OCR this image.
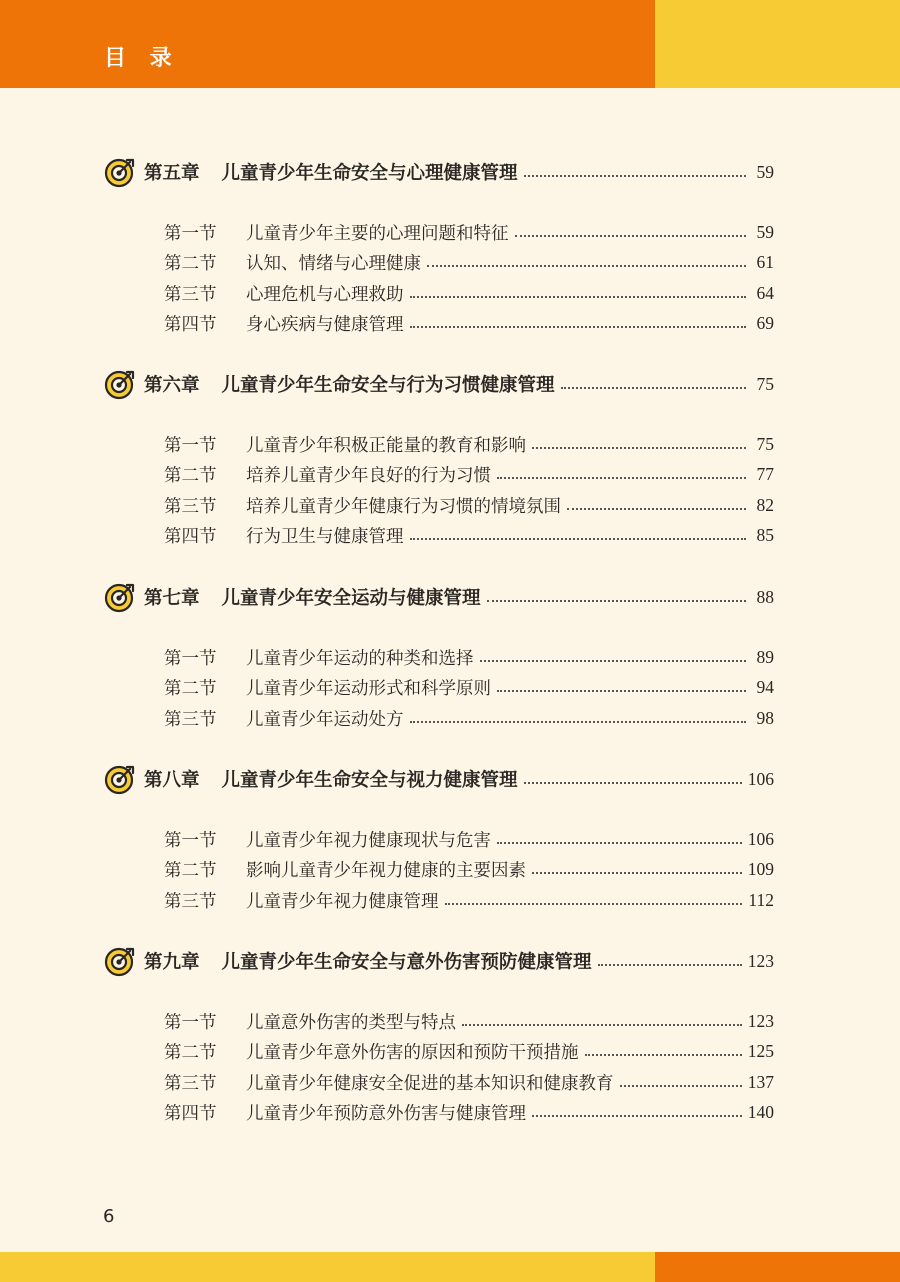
目 录
第五章 儿童青少年生命安全与心理健康管理	59
第一节	儿童青少年主要的心理问题和特征	59
第二节	认知、情绪与心理健康	61
第三节	心理危机与心理救助	64
第四节	身心疾病与健康管理	69
第六章 儿童青少年生命安全与行为习惯健康管理	75
第一节	儿童青少年积极正能量的教育和影响	75
第二节	培养儿童青少年良好的行为习惯	77
第三节	培养儿童青少年健康行为习惯的情境氛围	82
第四节	行为卫生与健康管理	85
第七章 儿童青少年安全运动与健康管理	88
第一节	儿童青少年运动的种类和选择	89
第二节	儿童青少年运动形式和科学原则	94
第三节	儿童青少年运动处方	98
第八章 儿童青少年生命安全与视力健康管理	106
第一节	儿童青少年视力健康现状与危害	106
第二节	影响儿童青少年视力健康的主要因素	109
第三节	儿童青少年视力健康管理	112
第九章 儿童青少年生命安全与意外伤害预防健康管理	123
第一节	儿童意外伤害的类型与特点	123
第二节	儿童青少年意外伤害的原因和预防干预措施	125
第三节	儿童青少年健康安全促进的基本知识和健康教育	137
第四节	儿童青少年预防意外伤害与健康管理	140
6
